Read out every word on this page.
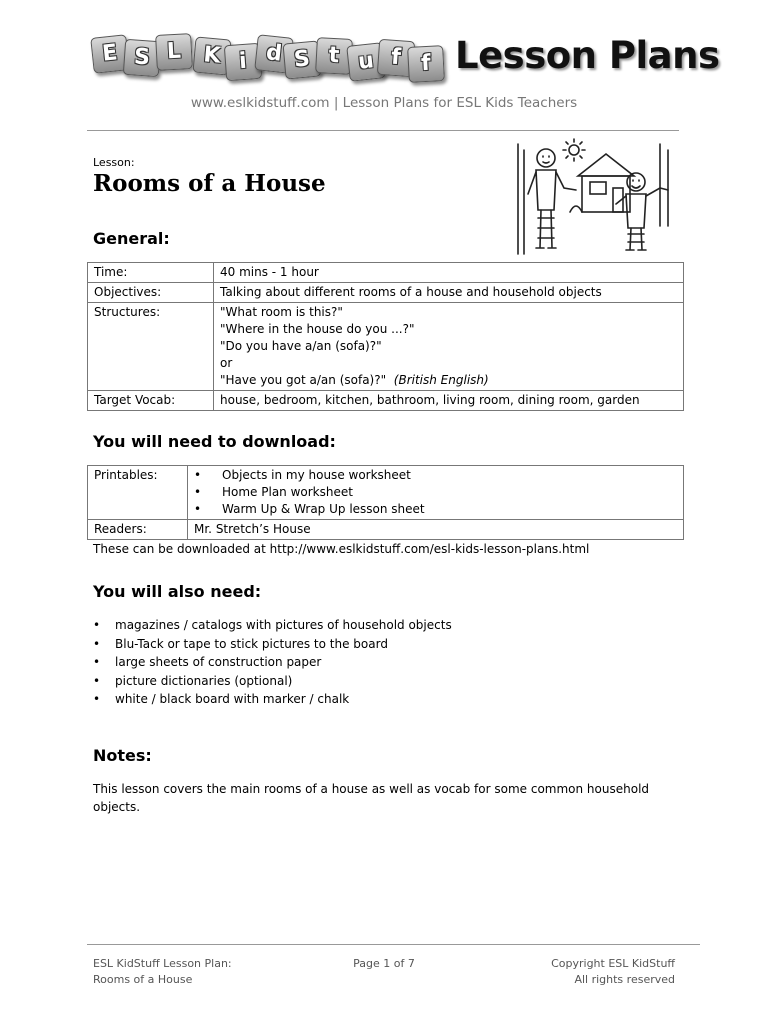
E S L K i d S t u f f Lesson Plans
www.eslkidstuff.com | Lesson Plans for ESL Kids Teachers
Lesson:
Rooms of a House
General:
Time:	40 mins - 1 hour

Objectives:	Talking about different rooms of a house and household objects

Structures:	"What room is this?"
"Where in the house do you ...?"
"Do you have a/an (sofa)?"
or
"Have you got a/an (sofa)?" (British English)

Target Vocab:	house, bedroom, kitchen, bathroom, living room, dining room, garden
You will need to download:
Printables:	• Objects in my house worksheet
• Home Plan worksheet
• Warm Up & Wrap Up lesson sheet

Readers:	Mr. Stretch’s House
These can be downloaded at http://www.eslkidstuff.com/esl-kids-lesson-plans.html
You will also need:
• magazines / catalogs with pictures of household objects
• Blu-Tack or tape to stick pictures to the board
• large sheets of construction paper
• picture dictionaries (optional)
• white / black board with marker / chalk
Notes:
This lesson covers the main rooms of a house as well as vocab for some common household objects.
ESL KidStuff Lesson Plan:
Rooms of a House
Page 1 of 7	Copyright ESL KidStuff
All rights reserved
